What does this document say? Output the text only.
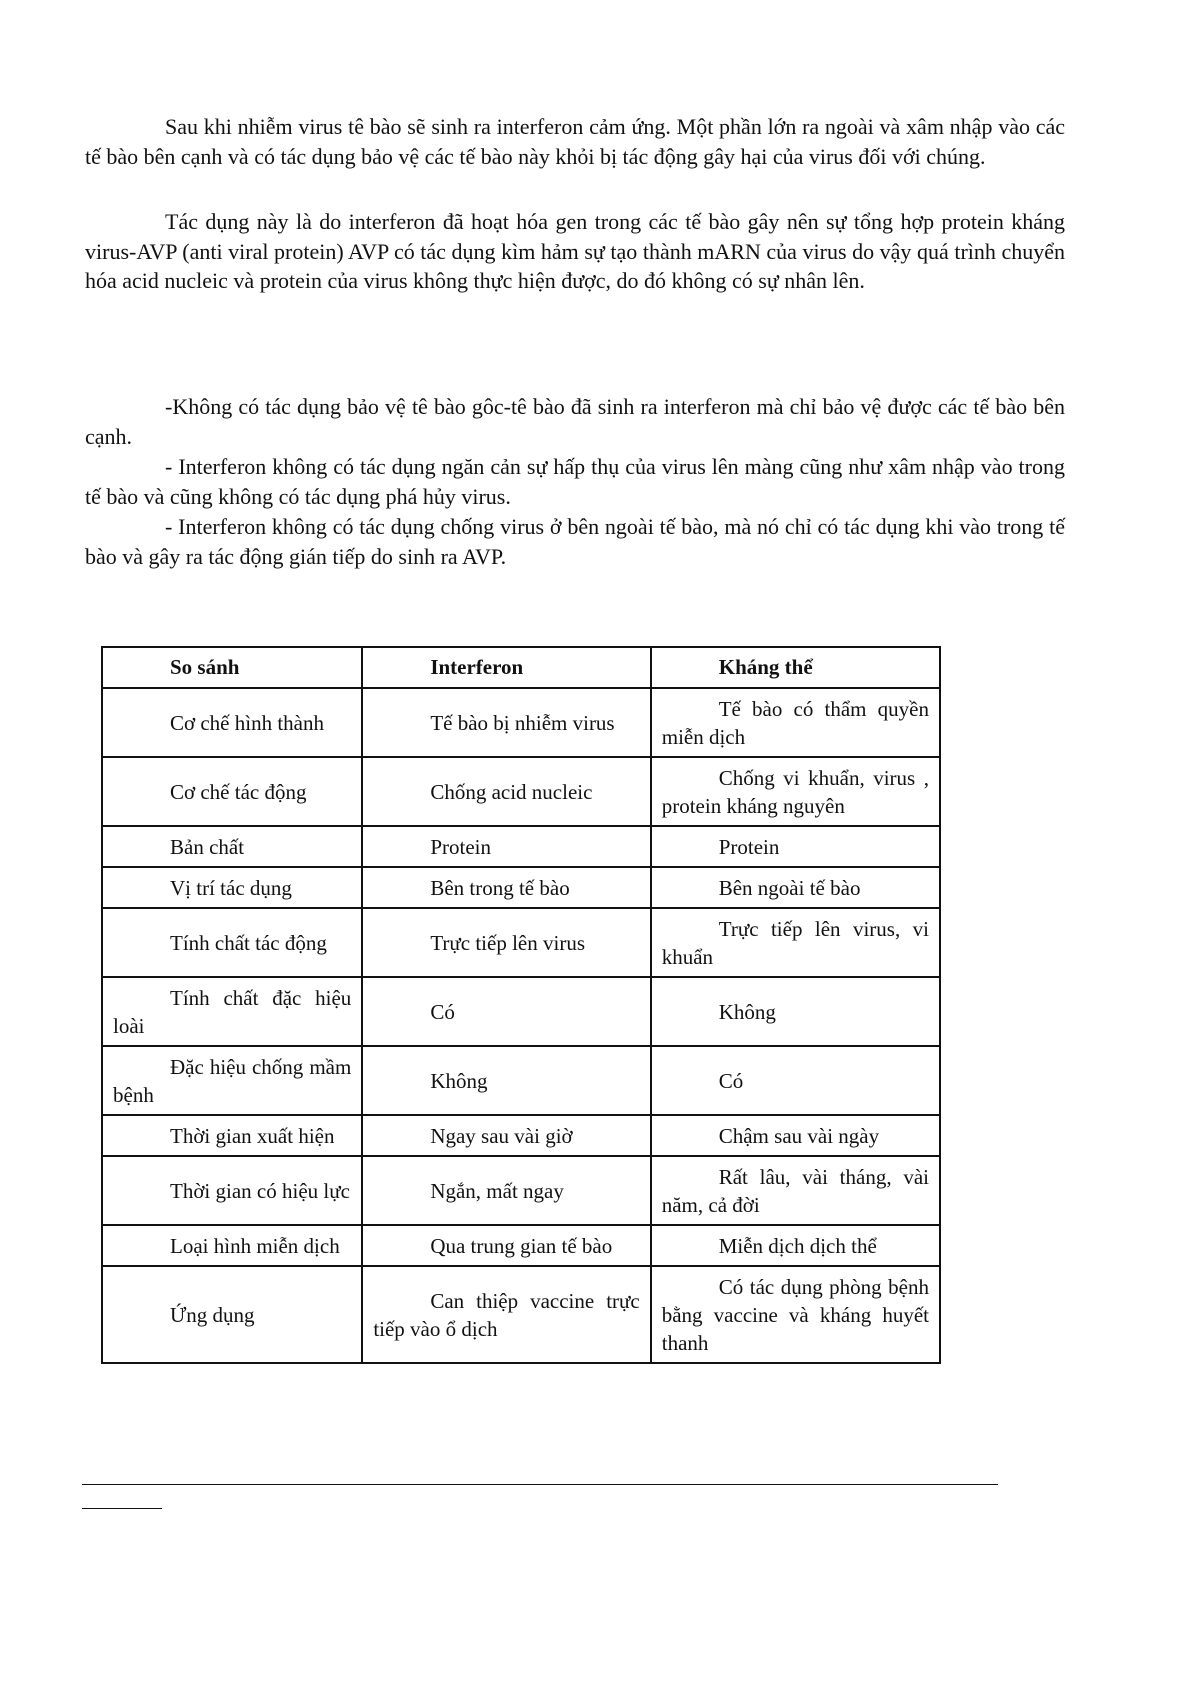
Sau khi nhiễm virus tê bào sẽ sinh ra interferon cảm ứng. Một phần lớn ra ngoài và xâm nhập vào các tế bào bên cạnh và có tác dụng bảo vệ các tế bào này khỏi bị tác động gây hại của virus đối với chúng.

Tác dụng này là do interferon đã hoạt hóa gen trong các tế bào gây nên sự tổng hợp protein kháng virus-AVP (anti viral protein) AVP có tác dụng kìm hảm sự tạo thành mARN của virus do vậy quá trình chuyển hóa acid nucleic và protein của virus không thực hiện được, do đó không có sự nhân lên.

-Không có tác dụng bảo vệ tê bào gôc-tê bào đã sinh ra interferon mà chỉ bảo vệ được các tế bào bên cạnh.

- Interferon không có tác dụng ngăn cản sự hấp thụ của virus lên màng cũng như xâm nhập vào trong tế bào và cũng không có tác dụng phá hủy virus.

- Interferon không có tác dụng chống virus ở bên ngoài tế bào, mà nó chỉ có tác dụng khi vào trong tế bào và gây ra tác động gián tiếp do sinh ra AVP.

So sánh	Interferon	Kháng thể
Cơ chế hình thành	Tế bào bị nhiễm virus	Tế bào có thẩm quyền miễn dịch
Cơ chế tác động	Chống acid nucleic	Chống vi khuẩn, virus , protein kháng nguyên
Bản chất	Protein	Protein
Vị trí tác dụng	Bên trong tế bào	Bên ngoài tế bào
Tính chất tác động	Trực tiếp lên virus	Trực tiếp lên virus, vi khuẩn
Tính chất đặc hiệu loài	Có	Không
Đặc hiệu chống mầm bệnh	Không	Có
Thời gian xuất hiện	Ngay sau vài giờ	Chậm sau vài ngày
Thời gian có hiệu lực	Ngắn, mất ngay	Rất lâu, vài tháng, vài năm, cả đời
Loại hình miễn dịch	Qua trung gian tế bào	Miễn dịch dịch thể
Ứng dụng	Can thiệp vaccine trực tiếp vào ổ dịch	Có tác dụng phòng bệnh bằng vaccine và kháng huyết thanh
